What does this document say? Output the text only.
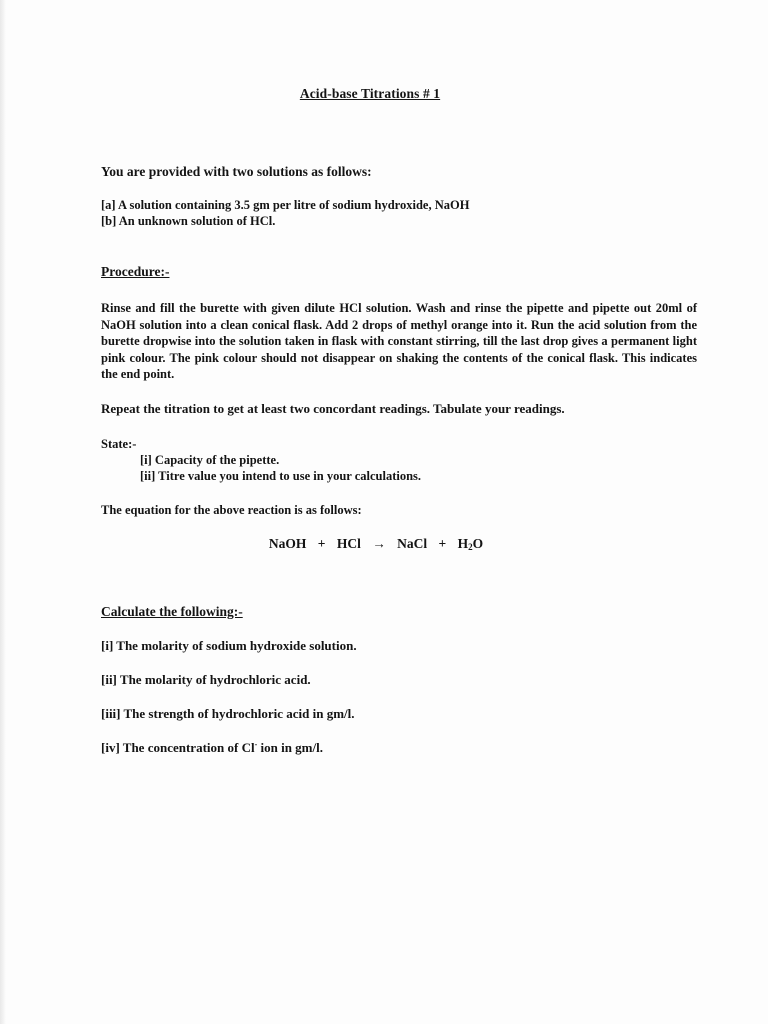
Acid-base Titrations # 1
You are provided with two solutions as follows:
[a] A solution containing 3.5 gm per litre of sodium hydroxide, NaOH
[b] An unknown solution of HCl.
Procedure:-
Rinse and fill the burette with given dilute HCl solution. Wash and rinse the pipette and pipette out 20ml of NaOH solution into a clean conical flask. Add 2 drops of methyl orange into it. Run the acid solution from the burette dropwise into the solution taken in flask with constant stirring, till the last drop gives a permanent light pink colour. The pink colour should not disappear on shaking the contents of the conical flask. This indicates the end point.
Repeat the titration to get at least two concordant readings. Tabulate your readings.
State:-
[i] Capacity of the pipette.
[ii] Titre value you intend to use in your calculations.
The equation for the above reaction is as follows:
NaOH + HCl → NaCl + $H_2O$
Calculate the following:-
[i] The molarity of sodium hydroxide solution.
[ii] The molarity of hydrochloric acid.
[iii] The strength of hydrochloric acid in gm/l.
[iv] The concentration of Cl- ion in gm/l.
